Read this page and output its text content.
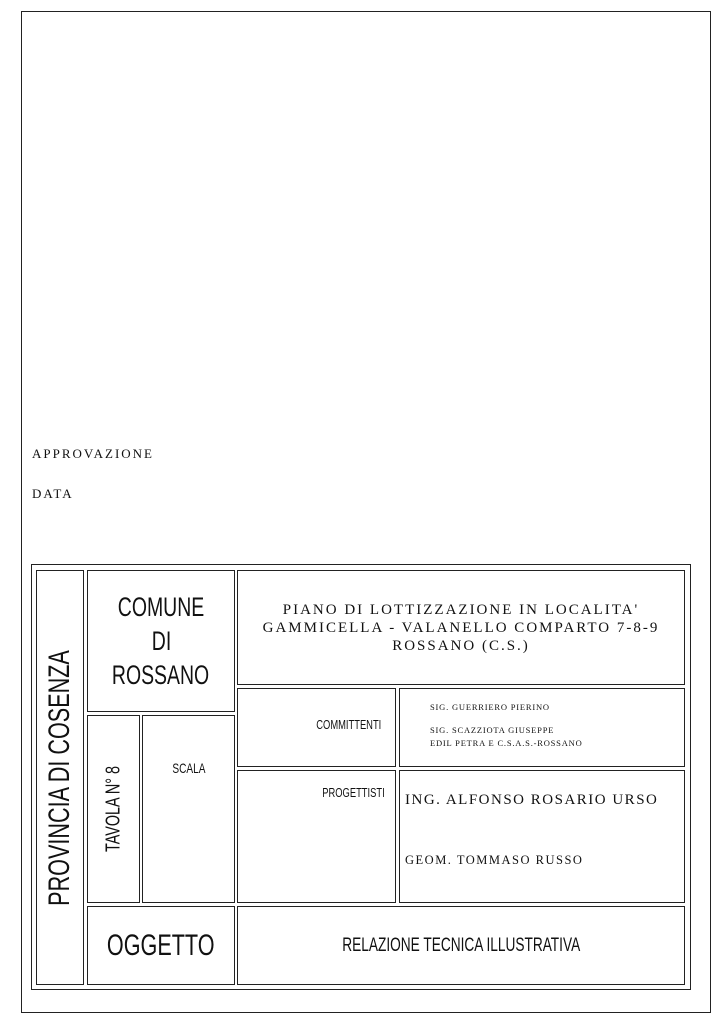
APPROVAZIONE
DATA
PROVINCIA DI COSENZA
COMUNE
DI
ROSSANO
TAVOLA N° 8	SCALA
OGGETTO
PIANO DI LOTTIZZAZIONE IN LOCALITA'
GAMMICELLA - VALANELLO COMPARTO 7-8-9
ROSSANO (C.S.)
COMMITTENTI
SIG. GUERRIERO PIERINO
SIG. SCAZZIOTA GIUSEPPE
EDIL PETRA E C.S.A.S.-ROSSANO
PROGETTISTI ING. ALFONSO ROSARIO URSO
GEOM. TOMMASO RUSSO
RELAZIONE TECNICA ILLUSTRATIVA
